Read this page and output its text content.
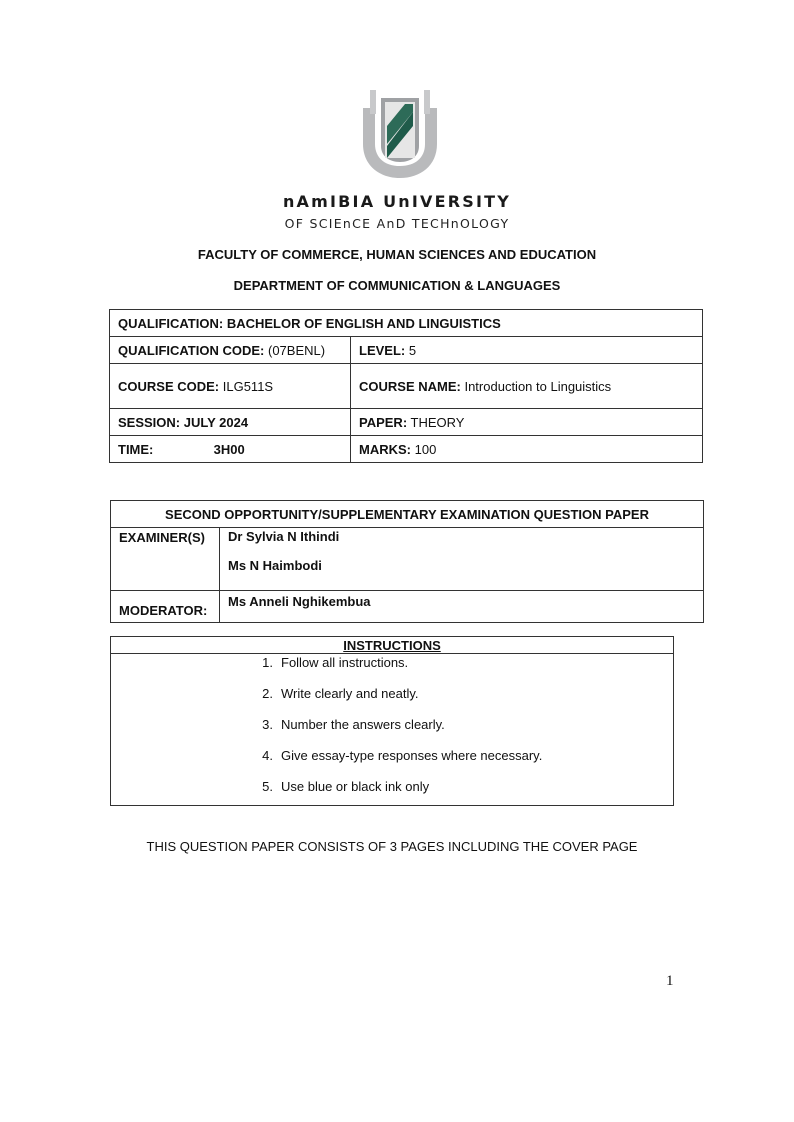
nAmIBIA UnIVERSITY
OF SCIEnCE AnD TECHnOLOGY
FACULTY OF COMMERCE, HUMAN SCIENCES AND EDUCATION
DEPARTMENT OF COMMUNICATION & LANGUAGES
QUALIFICATION: BACHELOR OF ENGLISH AND LINGUISTICS	
QUALIFICATION CODE: (07BENL)	LEVEL: 5
COURSE CODE: ILG511S	COURSE NAME: Introduction to Linguistics
SESSION: JULY 2024	PAPER: THEORY
TIME: 3H00	MARKS: 100
SECOND OPPORTUNITY/SUPPLEMENTARY EXAMINATION QUESTION PAPER	
EXAMINER(S)	Dr Sylvia N Ithindi
Ms N Haimbodi

MODERATOR:	Ms Anneli Nghikembua
INSTRUCTIONS
1. Follow all instructions.
2. Write clearly and neatly.
3. Number the answers clearly.
4. Give essay-type responses where necessary.
5. Use blue or black ink only
THIS QUESTION PAPER CONSISTS OF 3 PAGES INCLUDING THE COVER PAGE
1
